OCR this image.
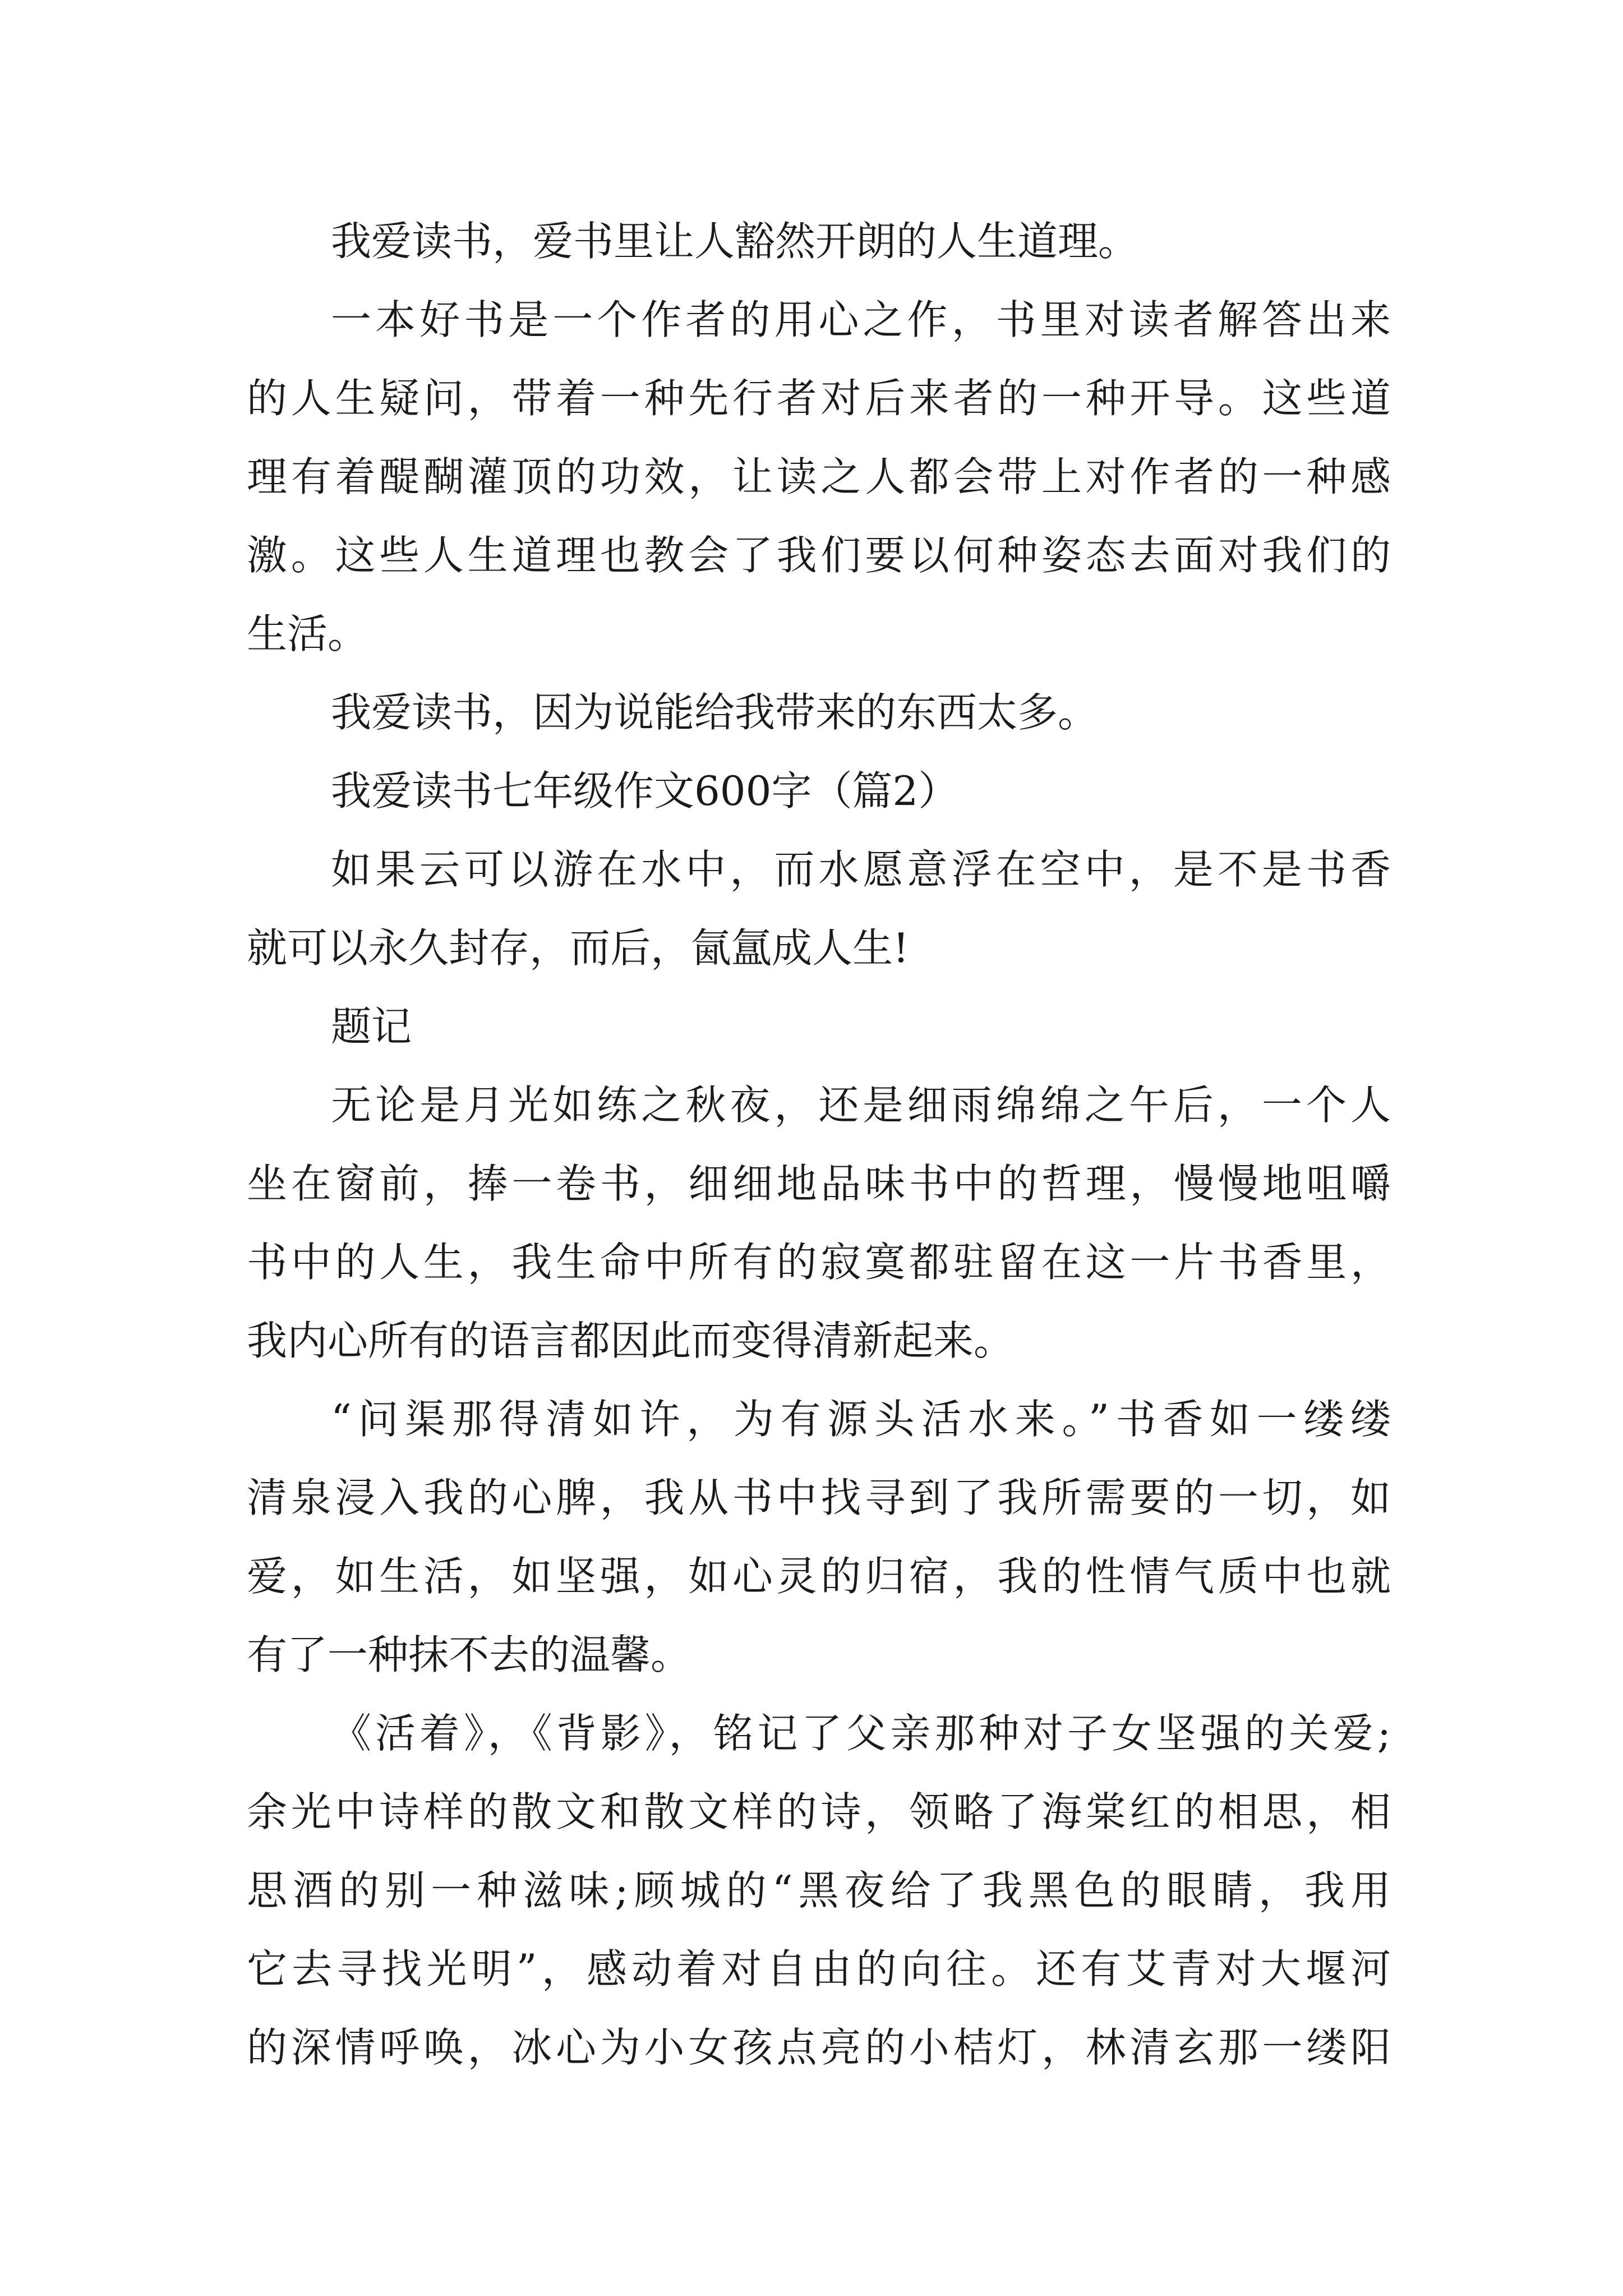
我爱读书，爱书里让人豁然开朗的人生道理。

一本好书是一个作者的用心之作，书里对读者解答出来

的人生疑问，带着一种先行者对后来者的一种开导。这些道

理有着醍醐灌顶的功效，让读之人都会带上对作者的一种感

激。这些人生道理也教会了我们要以何种姿态去面对我们的

生活。

我爱读书，因为说能给我带来的东西太多。

我爱读书七年级作文600字（篇2）

如果云可以游在水中，而水愿意浮在空中，是不是书香

就可以永久封存，而后，氤氲成人生!

题记

无论是月光如练之秋夜，还是细雨绵绵之午后，一个人

坐在窗前，捧一卷书，细细地品味书中的哲理，慢慢地咀嚼

书中的人生，我生命中所有的寂寞都驻留在这一片书香里，

我内心所有的语言都因此而变得清新起来。

“问渠那得清如许，为有源头活水来。”书香如一缕缕

清泉浸入我的心脾，我从书中找寻到了我所需要的一切，如

爱，如生活，如坚强，如心灵的归宿，我的性情气质中也就

有了一种抹不去的温馨。

《活着》，《背影》，铭记了父亲那种对子女坚强的关爱;

余光中诗样的散文和散文样的诗，领略了海棠红的相思，相

思酒的别一种滋味;顾城的“黑夜给了我黑色的眼睛，我用

它去寻找光明”，感动着对自由的向往。还有艾青对大堰河

的深情呼唤，冰心为小女孩点亮的小桔灯，林清玄那一缕阳
